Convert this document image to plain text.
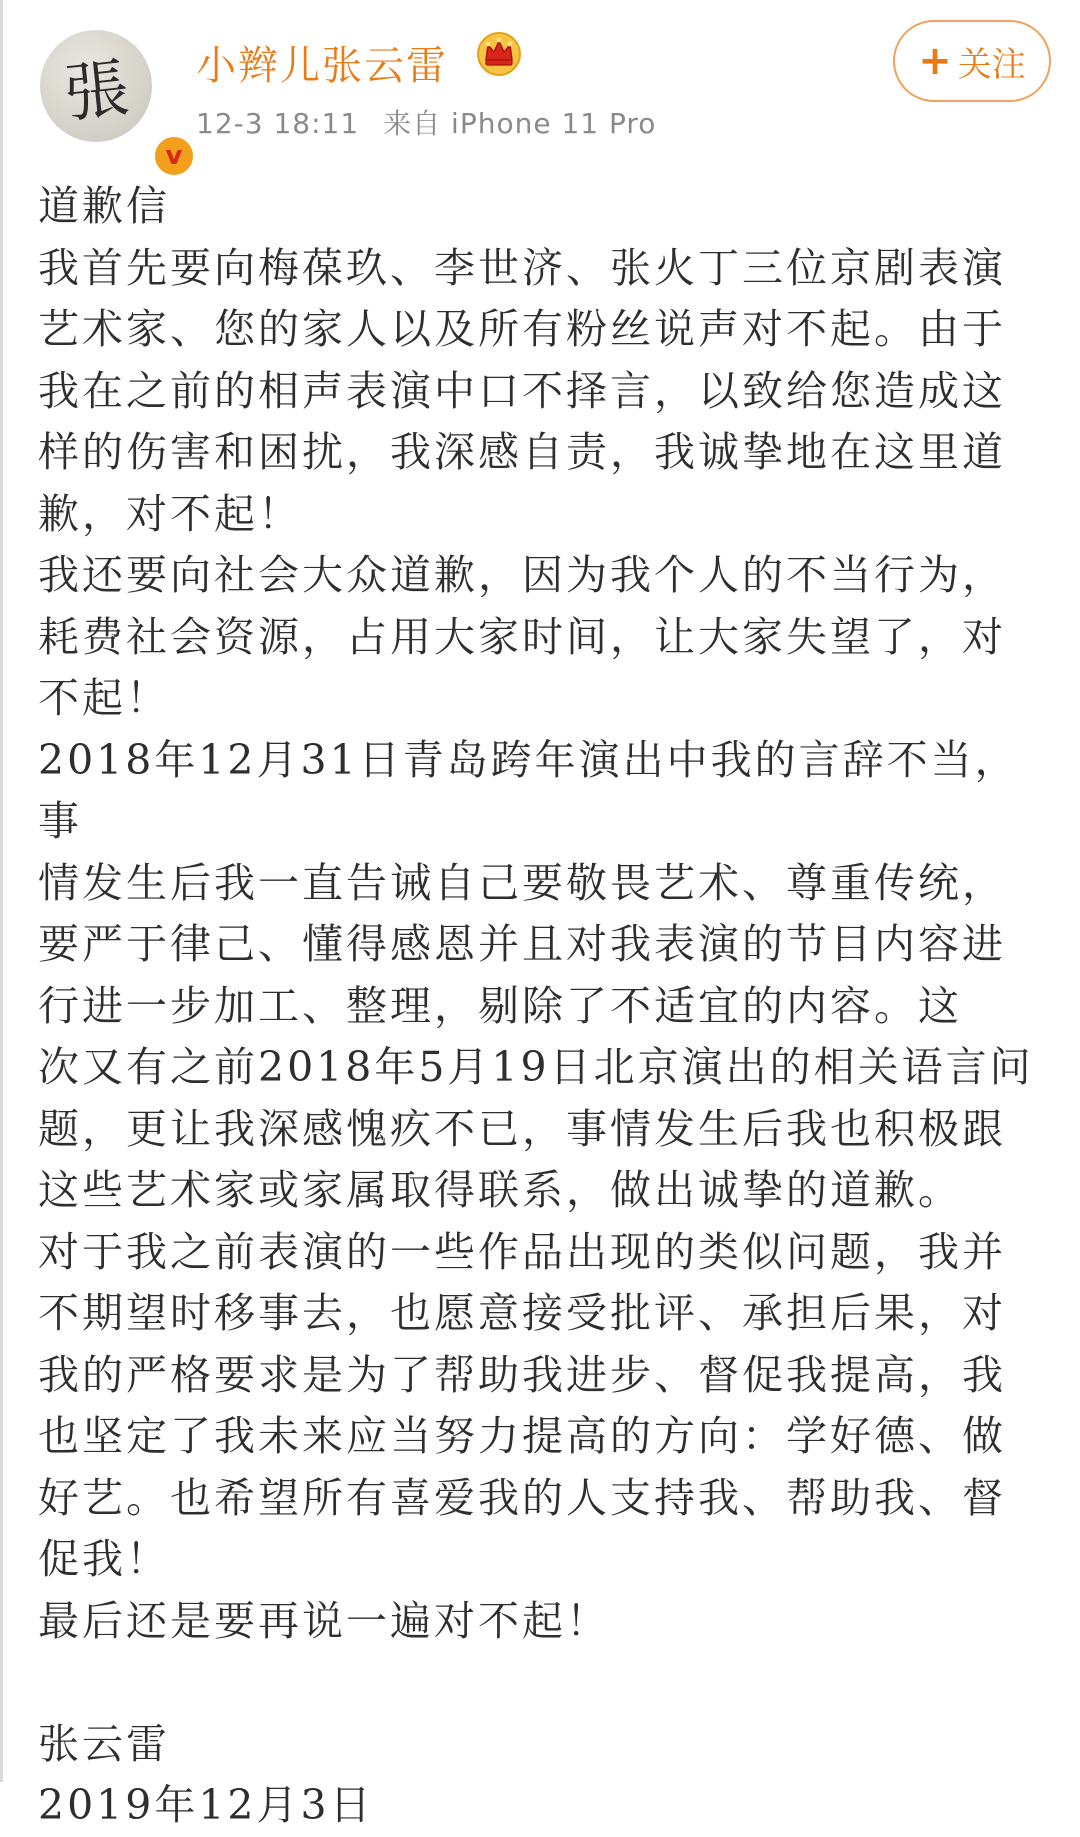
張
v
小辫儿张云雷
12-3 18:11 来自 iPhone 11 Pro
+ 关注

道歉信

我首先要向梅葆玖、李世济、张火丁三位京剧表演

艺术家、您的家人以及所有粉丝说声对不起。由于

我在之前的相声表演中口不择言，以致给您造成这

样的伤害和困扰，我深感自责，我诚挚地在这里道

歉，对不起！

我还要向社会大众道歉，因为我个人的不当行为，

耗费社会资源，占用大家时间，让大家失望了，对

不起！

2018年12月31日青岛跨年演出中我的言辞不当，事

情发生后我一直告诫自己要敬畏艺术、尊重传统，

要严于律己、懂得感恩并且对我表演的节目内容进

行进一步加工、整理，剔除了不适宜的内容。这

次又有之前2018年5月19日北京演出的相关语言问

题，更让我深感愧疚不已，事情发生后我也积极跟

这些艺术家或家属取得联系，做出诚挚的道歉。

对于我之前表演的一些作品出现的类似问题，我并

不期望时移事去，也愿意接受批评、承担后果，对

我的严格要求是为了帮助我进步、督促我提高，我

也坚定了我未来应当努力提高的方向：学好德、做

好艺。也希望所有喜爱我的人支持我、帮助我、督

促我！

最后还是要再说一遍对不起！

张云雷

2019年12月3日
